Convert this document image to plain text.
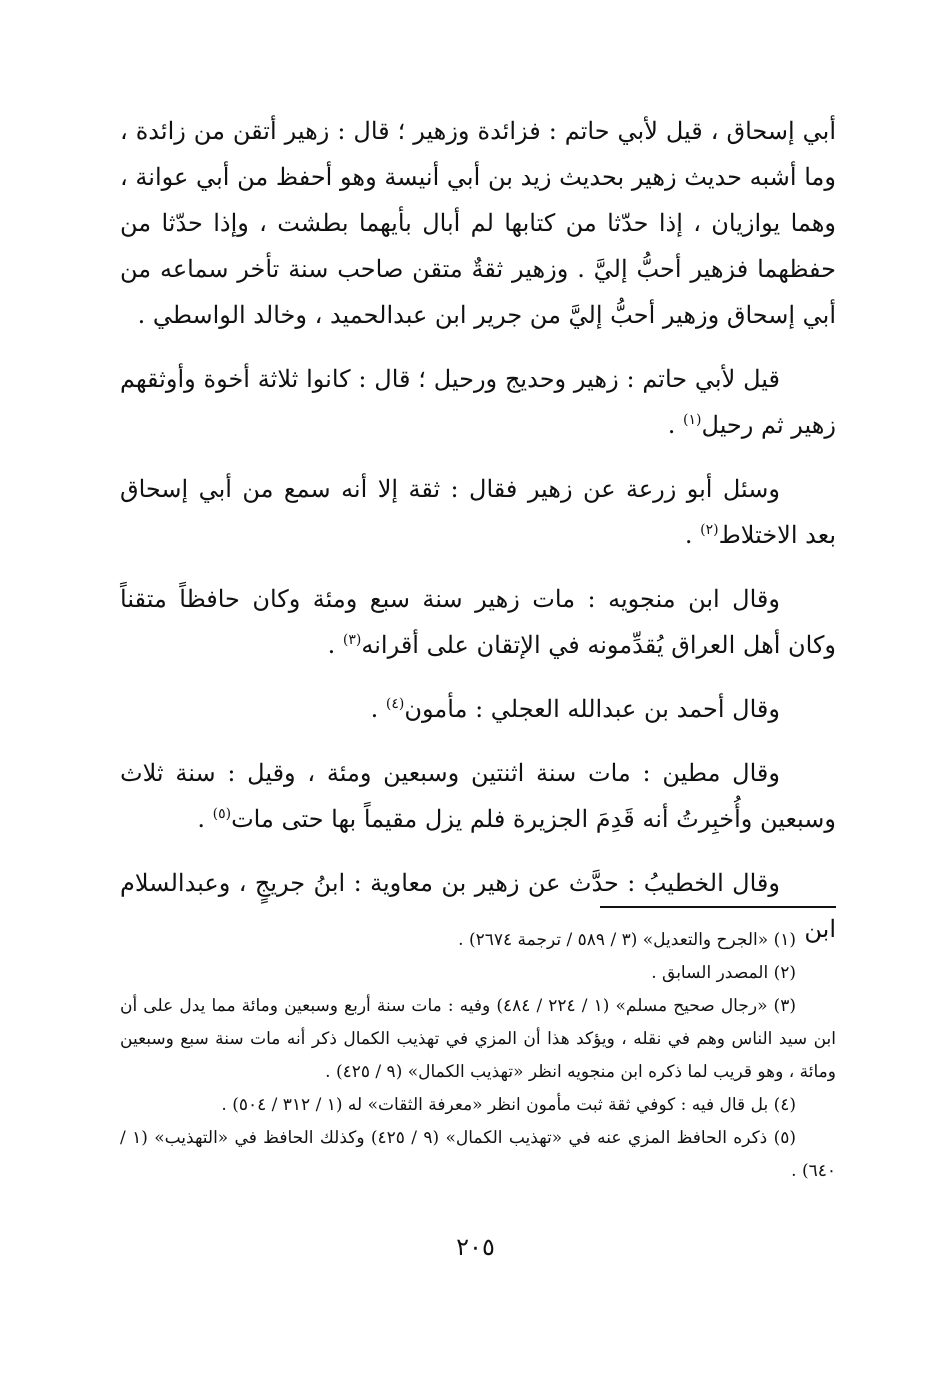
أبي إسحاق ، قيل لأبي حاتم : فزائدة وزهير ؛ قال : زهير أتقن من زائدة ، وما أشبه حديث زهير بحديث زيد بن أبي أنيسة وهو أحفظ من أبي عوانة ، وهما يوازيان ، إذا حدّثا من كتابها لم أبال بأيهما بطشت ، وإذا حدّثا من حفظهما فزهير أحبُّ إليَّ . وزهير ثقةٌ متقن صاحب سنة تأخر سماعه من أبي إسحاق وزهير أحبُّ إليَّ من جرير ابن عبدالحميد ، وخالد الواسطي .

قيل لأبي حاتم : زهير وحديج ورحيل ؛ قال : كانوا ثلاثة أخوة وأوثقهم زهير ثم رحيل$^{(١)}$ .

وسئل أبو زرعة عن زهير فقال : ثقة إلا أنه سمع من أبي إسحاق بعد الاختلاط$^{(٢)}$ .

وقال ابن منجويه : مات زهير سنة سبع ومئة وكان حافظاً متقناً وكان أهل العراق يُقدِّمونه في الإتقان على أقرانه$^{(٣)}$ .

وقال أحمد بن عبدالله العجلي : مأمون$^{(٤)}$ .

وقال مطين : مات سنة اثنتين وسبعين ومئة ، وقيل : سنة ثلاث وسبعين وأُخبِرتُ أنه قَدِمَ الجزيرة فلم يزل مقيماً بها حتى مات$^{(٥)}$ .

وقال الخطيبُ : حدَّث عن زهير بن معاوية : ابنُ جريجٍ ، وعبدالسلام ابن

(١) «الجرح والتعديل» (٣ / ٥٨٩ / ترجمة ٢٦٧٤) .

(٢) المصدر السابق .

(٣) «رجال صحيح مسلم» (١ / ٢٢٤ / ٤٨٤) وفيه : مات سنة أربع وسبعين ومائة مما يدل على أن ابن سيد الناس وهم في نقله ، ويؤكد هذا أن المزي في تهذيب الكمال ذكر أنه مات سنة سبع وسبعين ومائة ، وهو قريب لما ذكره ابن منجويه انظر «تهذيب الكمال» (٩ / ٤٢٥) .

(٤) بل قال فيه : كوفي ثقة ثبت مأمون انظر «معرفة الثقات» له (١ / ٣١٢ / ٥٠٤) .

(٥) ذكره الحافظ المزي عنه في «تهذيب الكمال» (٩ / ٤٢٥) وكذلك الحافظ في «التهذيب» (١ / ٦٤٠) .

٢٠٥
